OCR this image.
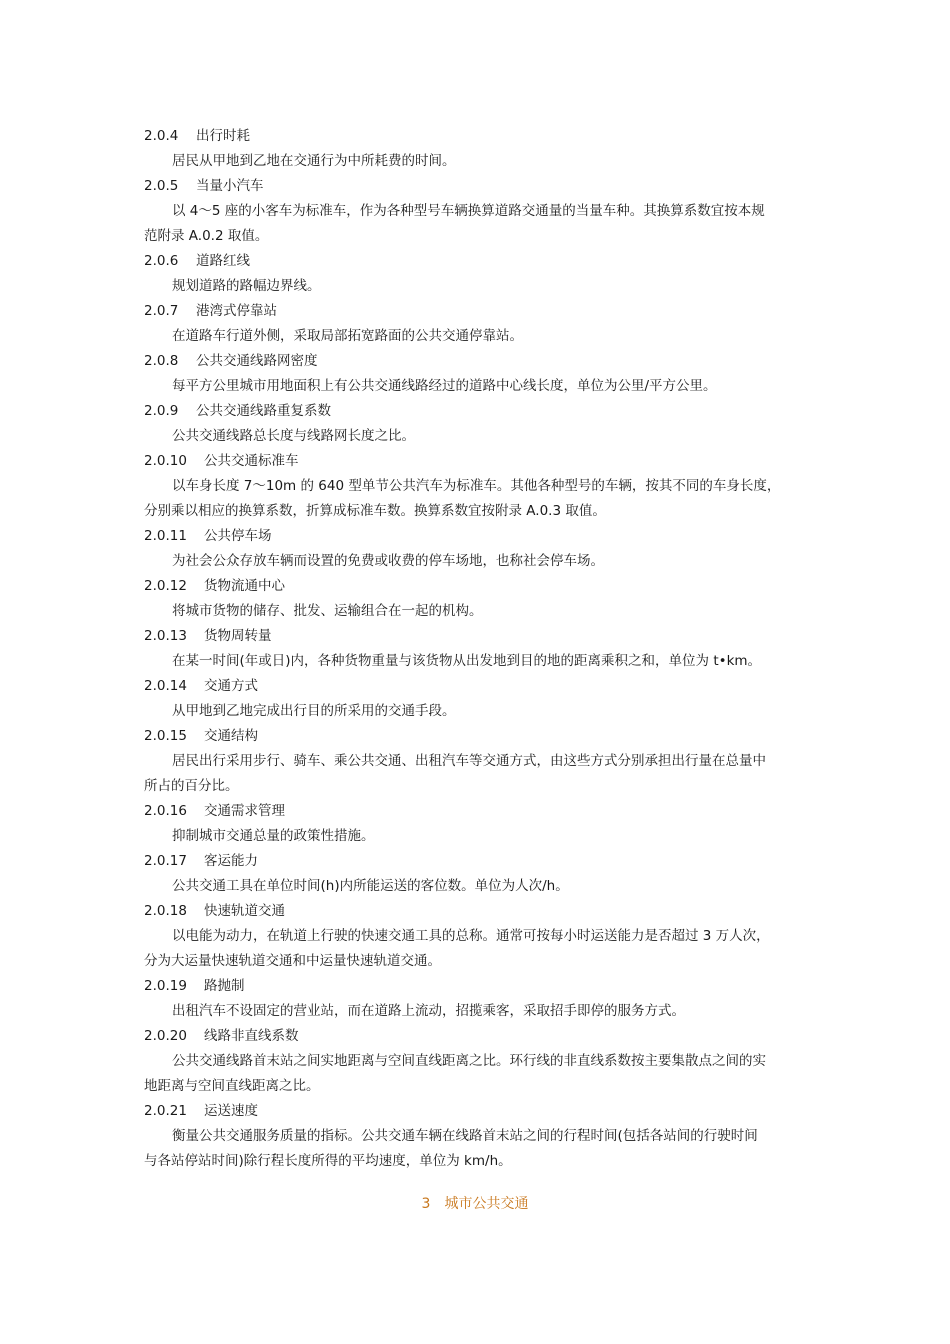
2.0.4 出行时耗
居民从甲地到乙地在交通行为中所耗费的时间。
2.0.5 当量小汽车
以 4～5 座的小客车为标准车，作为各种型号车辆换算道路交通量的当量车种。其换算系数宜按本规
范附录 A.0.2 取值。
2.0.6 道路红线
规划道路的路幅边界线。
2.0.7 港湾式停靠站
在道路车行道外侧，采取局部拓宽路面的公共交通停靠站。
2.0.8 公共交通线路网密度
每平方公里城市用地面积上有公共交通线路经过的道路中心线长度，单位为公里/平方公里。
2.0.9 公共交通线路重复系数
公共交通线路总长度与线路网长度之比。
2.0.10 公共交通标准车
以车身长度 7～10m 的 640 型单节公共汽车为标准车。其他各种型号的车辆，按其不同的车身长度，
分别乘以相应的换算系数，折算成标准车数。换算系数宜按附录 A.0.3 取值。
2.0.11 公共停车场
为社会公众存放车辆而设置的免费或收费的停车场地，也称社会停车场。
2.0.12 货物流通中心
将城市货物的储存、批发、运输组合在一起的机构。
2.0.13 货物周转量
在某一时间(年或日)内，各种货物重量与该货物从出发地到目的地的距离乘积之和，单位为 t•km。
2.0.14 交通方式
从甲地到乙地完成出行目的所采用的交通手段。
2.0.15 交通结构
居民出行采用步行、骑车、乘公共交通、出租汽车等交通方式，由这些方式分别承担出行量在总量中
所占的百分比。
2.0.16 交通需求管理
抑制城市交通总量的政策性措施。
2.0.17 客运能力
公共交通工具在单位时间(h)内所能运送的客位数。单位为人次/h。
2.0.18 快速轨道交通
以电能为动力，在轨道上行驶的快速交通工具的总称。通常可按每小时运送能力是否超过 3 万人次，
分为大运量快速轨道交通和中运量快速轨道交通。
2.0.19 路抛制
出租汽车不设固定的营业站，而在道路上流动，招揽乘客，采取招手即停的服务方式。
2.0.20 线路非直线系数
公共交通线路首末站之间实地距离与空间直线距离之比。环行线的非直线系数按主要集散点之间的实
地距离与空间直线距离之比。
2.0.21 运送速度
衡量公共交通服务质量的指标。公共交通车辆在线路首末站之间的行程时间(包括各站间的行驶时间
与各站停站时间)除行程长度所得的平均速度，单位为 km/h。
3 城市公共交通
